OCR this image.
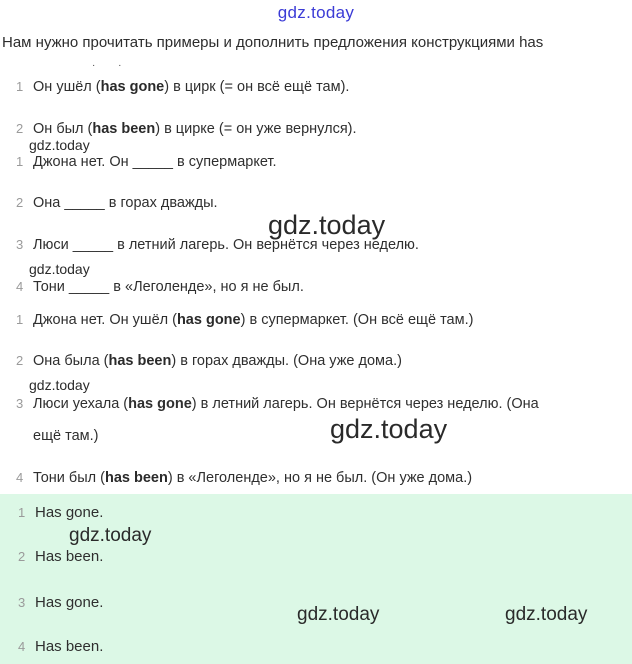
gdz.today
Нам нужно прочитать примеры и дополнить предложения конструкциями has
· ·
1 Он ушёл (has gone) в цирк (= он всё ещё там).
2 Он был (has been) в цирке (= он уже вернулся).
1 Джона нет. Он _____ в супермаркет.
2 Она _____ в горах дважды.
3 Люси _____ в летний лагерь. Он вернётся через неделю.
4 Тони _____ в «Леголенде», но я не был.
1 Джона нет. Он ушёл (has gone) в супермаркет. (Он всё ещё там.)
2 Она была (has been) в горах дважды. (Она уже дома.)
3 Люси уехала (has gone) в летний лагерь. Он вернётся через неделю. (Она
ещё там.)
4 Тони был (has been) в «Леголенде», но я не был. (Он уже дома.)
1 Has gone.
2 Has been.
3 Has gone.
4 Has been.
gdz.today
gdz.today
gdz.today
gdz.today
gdz.today
gdz.today
gdz.today	gdz.today
